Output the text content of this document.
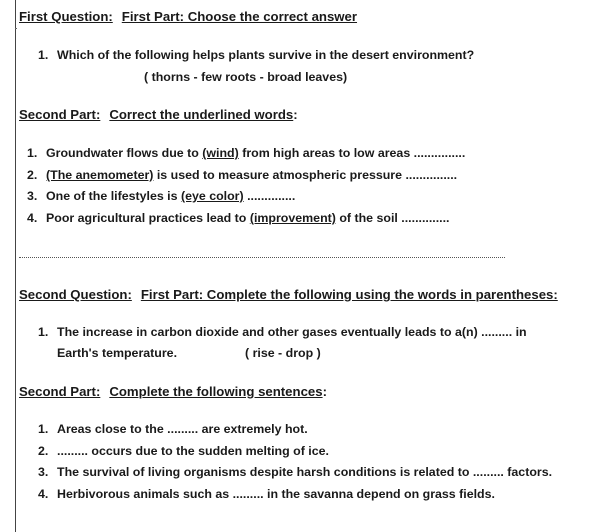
First Question: First Part: Choose the correct answer
1. Which of the following helps plants survive in the desert environment?
( thorns - few roots - broad leaves)
Second Part: Correct the underlined words:
1. Groundwater flows due to (wind) from high areas to low areas ...............
2. (The anemometer) is used to measure atmospheric pressure ...............
3. One of the lifestyles is (eye color) ..............
4. Poor agricultural practices lead to (improvement) of the soil ..............
Second Question: First Part: Complete the following using the words in parentheses:
1. The increase in carbon dioxide and other gases eventually leads to a(n) ......... in
Earth's temperature.	( rise - drop )
Second Part: Complete the following sentences:
1. Areas close to the ......... are extremely hot.
2. ......... occurs due to the sudden melting of ice.
3. The survival of living organisms despite harsh conditions is related to ......... factors.
4. Herbivorous animals such as ......... in the savanna depend on grass fields.
